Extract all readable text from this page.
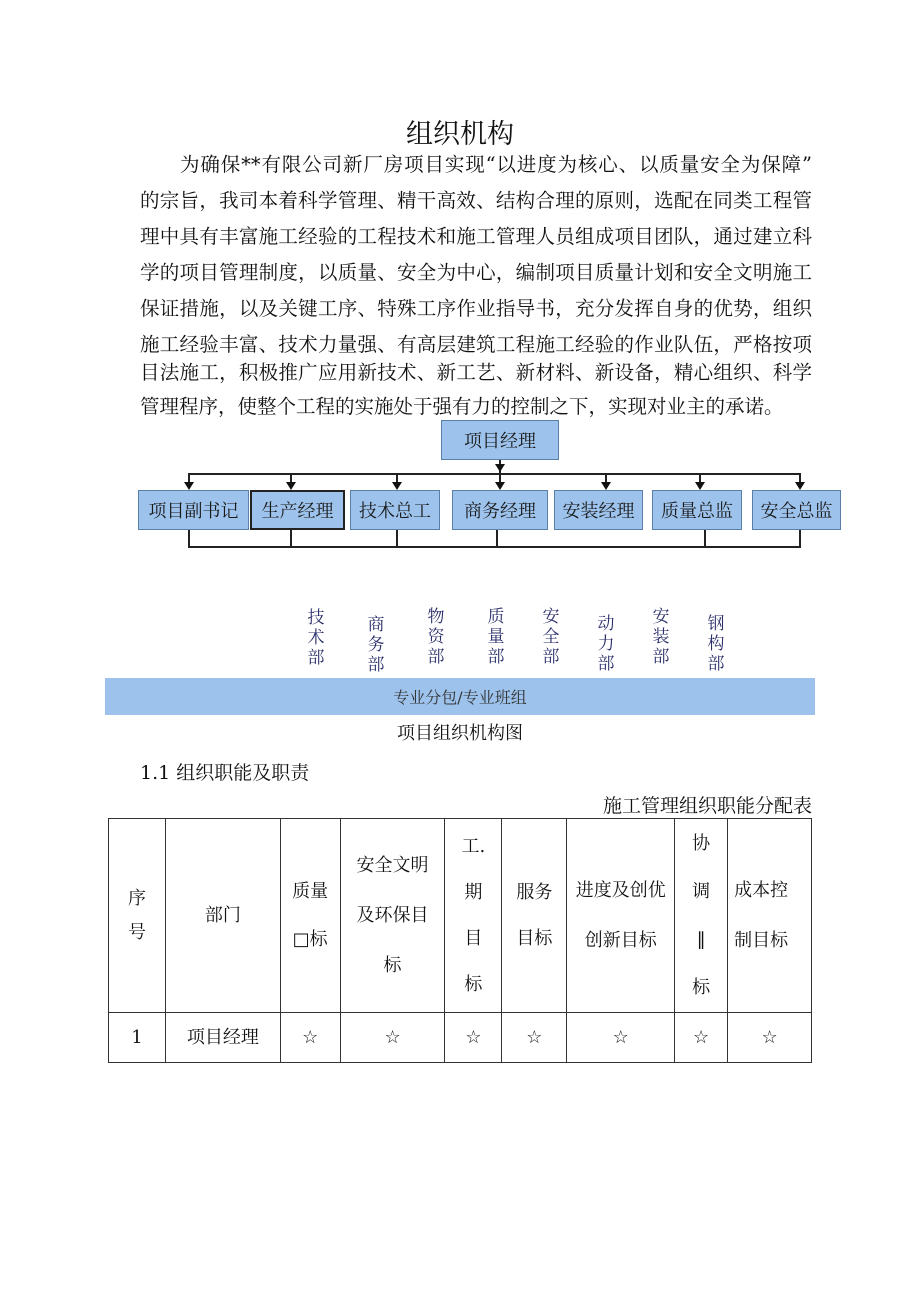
组织机构
为确保**有限公司新厂房项目实现“以进度为核心、以质量安全为保障”
的宗旨，我司本着科学管理、精干高效、结构合理的原则，选配在同类工程管
理中具有丰富施工经验的工程技术和施工管理人员组成项目团队，通过建立科
学的项目管理制度，以质量、安全为中心，编制项目质量计划和安全文明施工
保证措施，以及关键工序、特殊工序作业指导书，充分发挥自身的优势，组织
施工经验丰富、技术力量强、有高层建筑工程施工经验的作业队伍，严格按项
目法施工，积极推广应用新技术、新工艺、新材料、新设备，精心组织、科学
管理程序，使整个工程的实施处于强有力的控制之下，实现对业主的承诺。
项目经理
项目副书记	生产经理	技术总工	商务经理	安装经理	质量总监	安全总监
技术部
商务部
物资部
质量部
安全部
动力部
安装部
钢构部
专业分包/专业班组
项目组织机构图
1.1 组织职能及职责
施工管理组织职能分配表
序号	部门	质量□标	安全文明及环保目标	工.期目标	服务目标	进度及创优创新目标	协调‖标	成本控制目标
1	项目经理	☆	☆	☆	☆	☆	☆	☆
